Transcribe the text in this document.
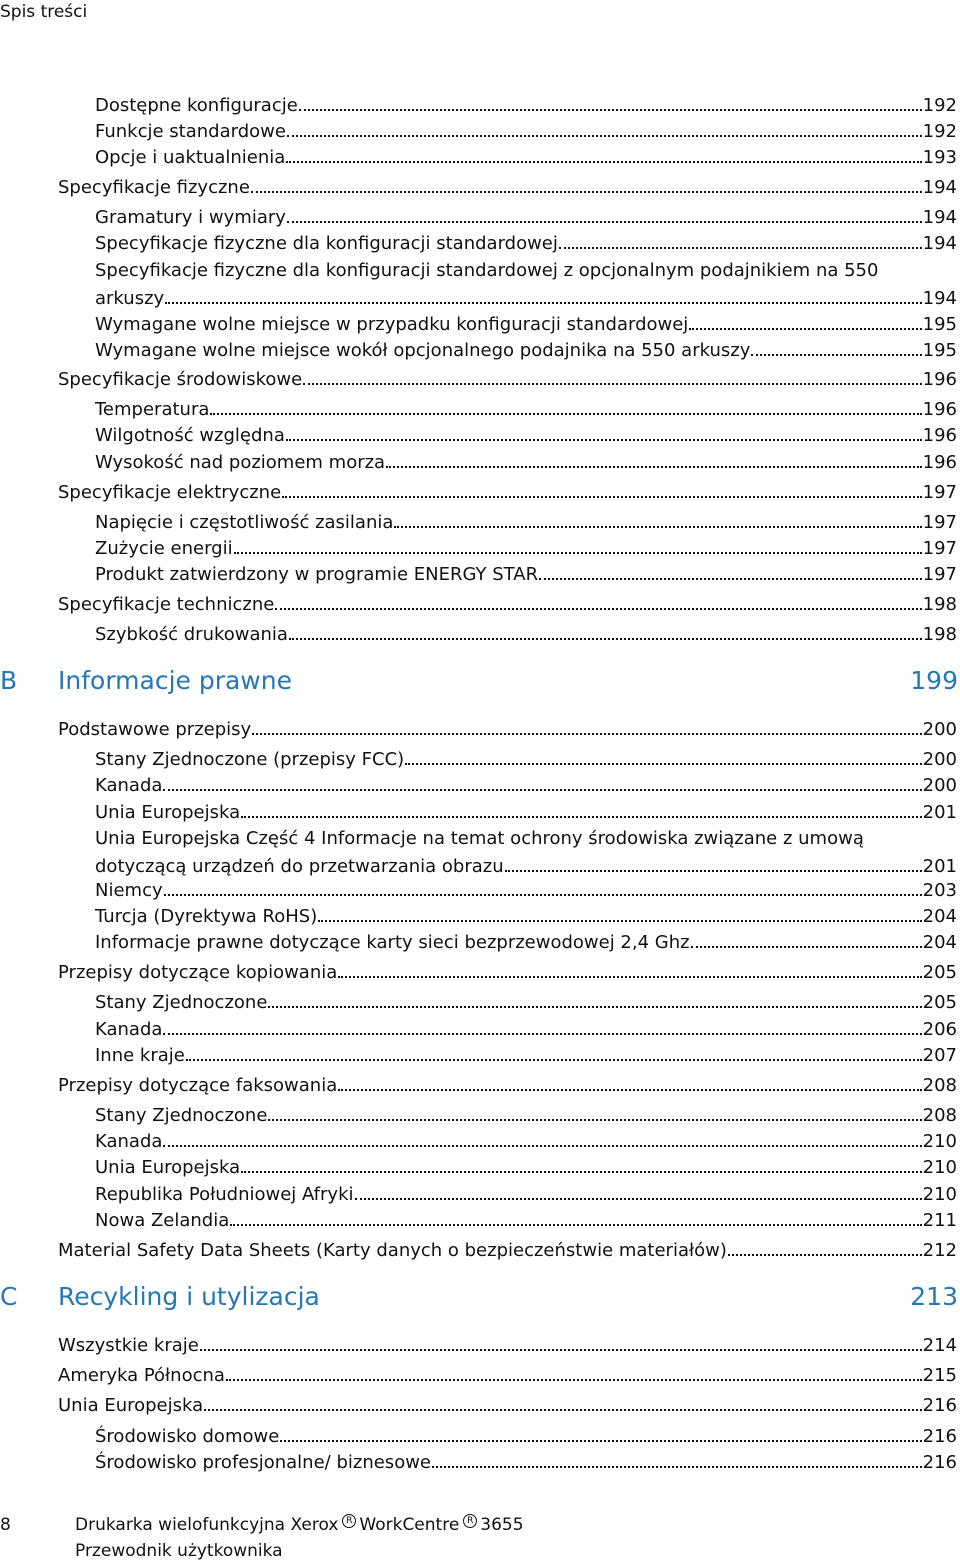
Spis treści
Dostępne konfiguracje	192
Funkcje standardowe	192
Opcje i uaktualnienia	193
Specyfikacje fizyczne	194
Gramatury i wymiary	194
Specyfikacje fizyczne dla konfiguracji standardowej	194
Specyfikacje fizyczne dla konfiguracji standardowej z opcjonalnym podajnikiem na 550
arkuszy	194
Wymagane wolne miejsce w przypadku konfiguracji standardowej	195
Wymagane wolne miejsce wokół opcjonalnego podajnika na 550 arkuszy	195
Specyfikacje środowiskowe	196
Temperatura	196
Wilgotność względna	196
Wysokość nad poziomem morza	196
Specyfikacje elektryczne	197
Napięcie i częstotliwość zasilania	197
Zużycie energii	197
Produkt zatwierdzony w programie ENERGY STAR	197
Specyfikacje techniczne	198
Szybkość drukowania	198
B Informacje prawne	199
Podstawowe przepisy	200
Stany Zjednoczone (przepisy FCC)	200
Kanada	200
Unia Europejska	201
Unia Europejska Część 4 Informacje na temat ochrony środowiska związane z umową
dotyczącą urządzeń do przetwarzania obrazu	201
Niemcy	203
Turcja (Dyrektywa RoHS)	204
Informacje prawne dotyczące karty sieci bezprzewodowej 2,4 Ghz	204
Przepisy dotyczące kopiowania	205
Stany Zjednoczone	205
Kanada	206
Inne kraje	207
Przepisy dotyczące faksowania	208
Stany Zjednoczone	208
Kanada	210
Unia Europejska	210
Republika Południowej Afryki	210
Nowa Zelandia	211
Material Safety Data Sheets (Karty danych o bezpieczeństwie materiałów)	212
C Recykling i utylizacja	213
Wszystkie kraje	214
Ameryka Północna	215
Unia Europejska	216
Środowisko domowe	216
Środowisko profesjonalne/ biznesowe	216
8	Drukarka wielofunkcyjna Xerox R WorkCentre R 3655
Przewodnik użytkownika
